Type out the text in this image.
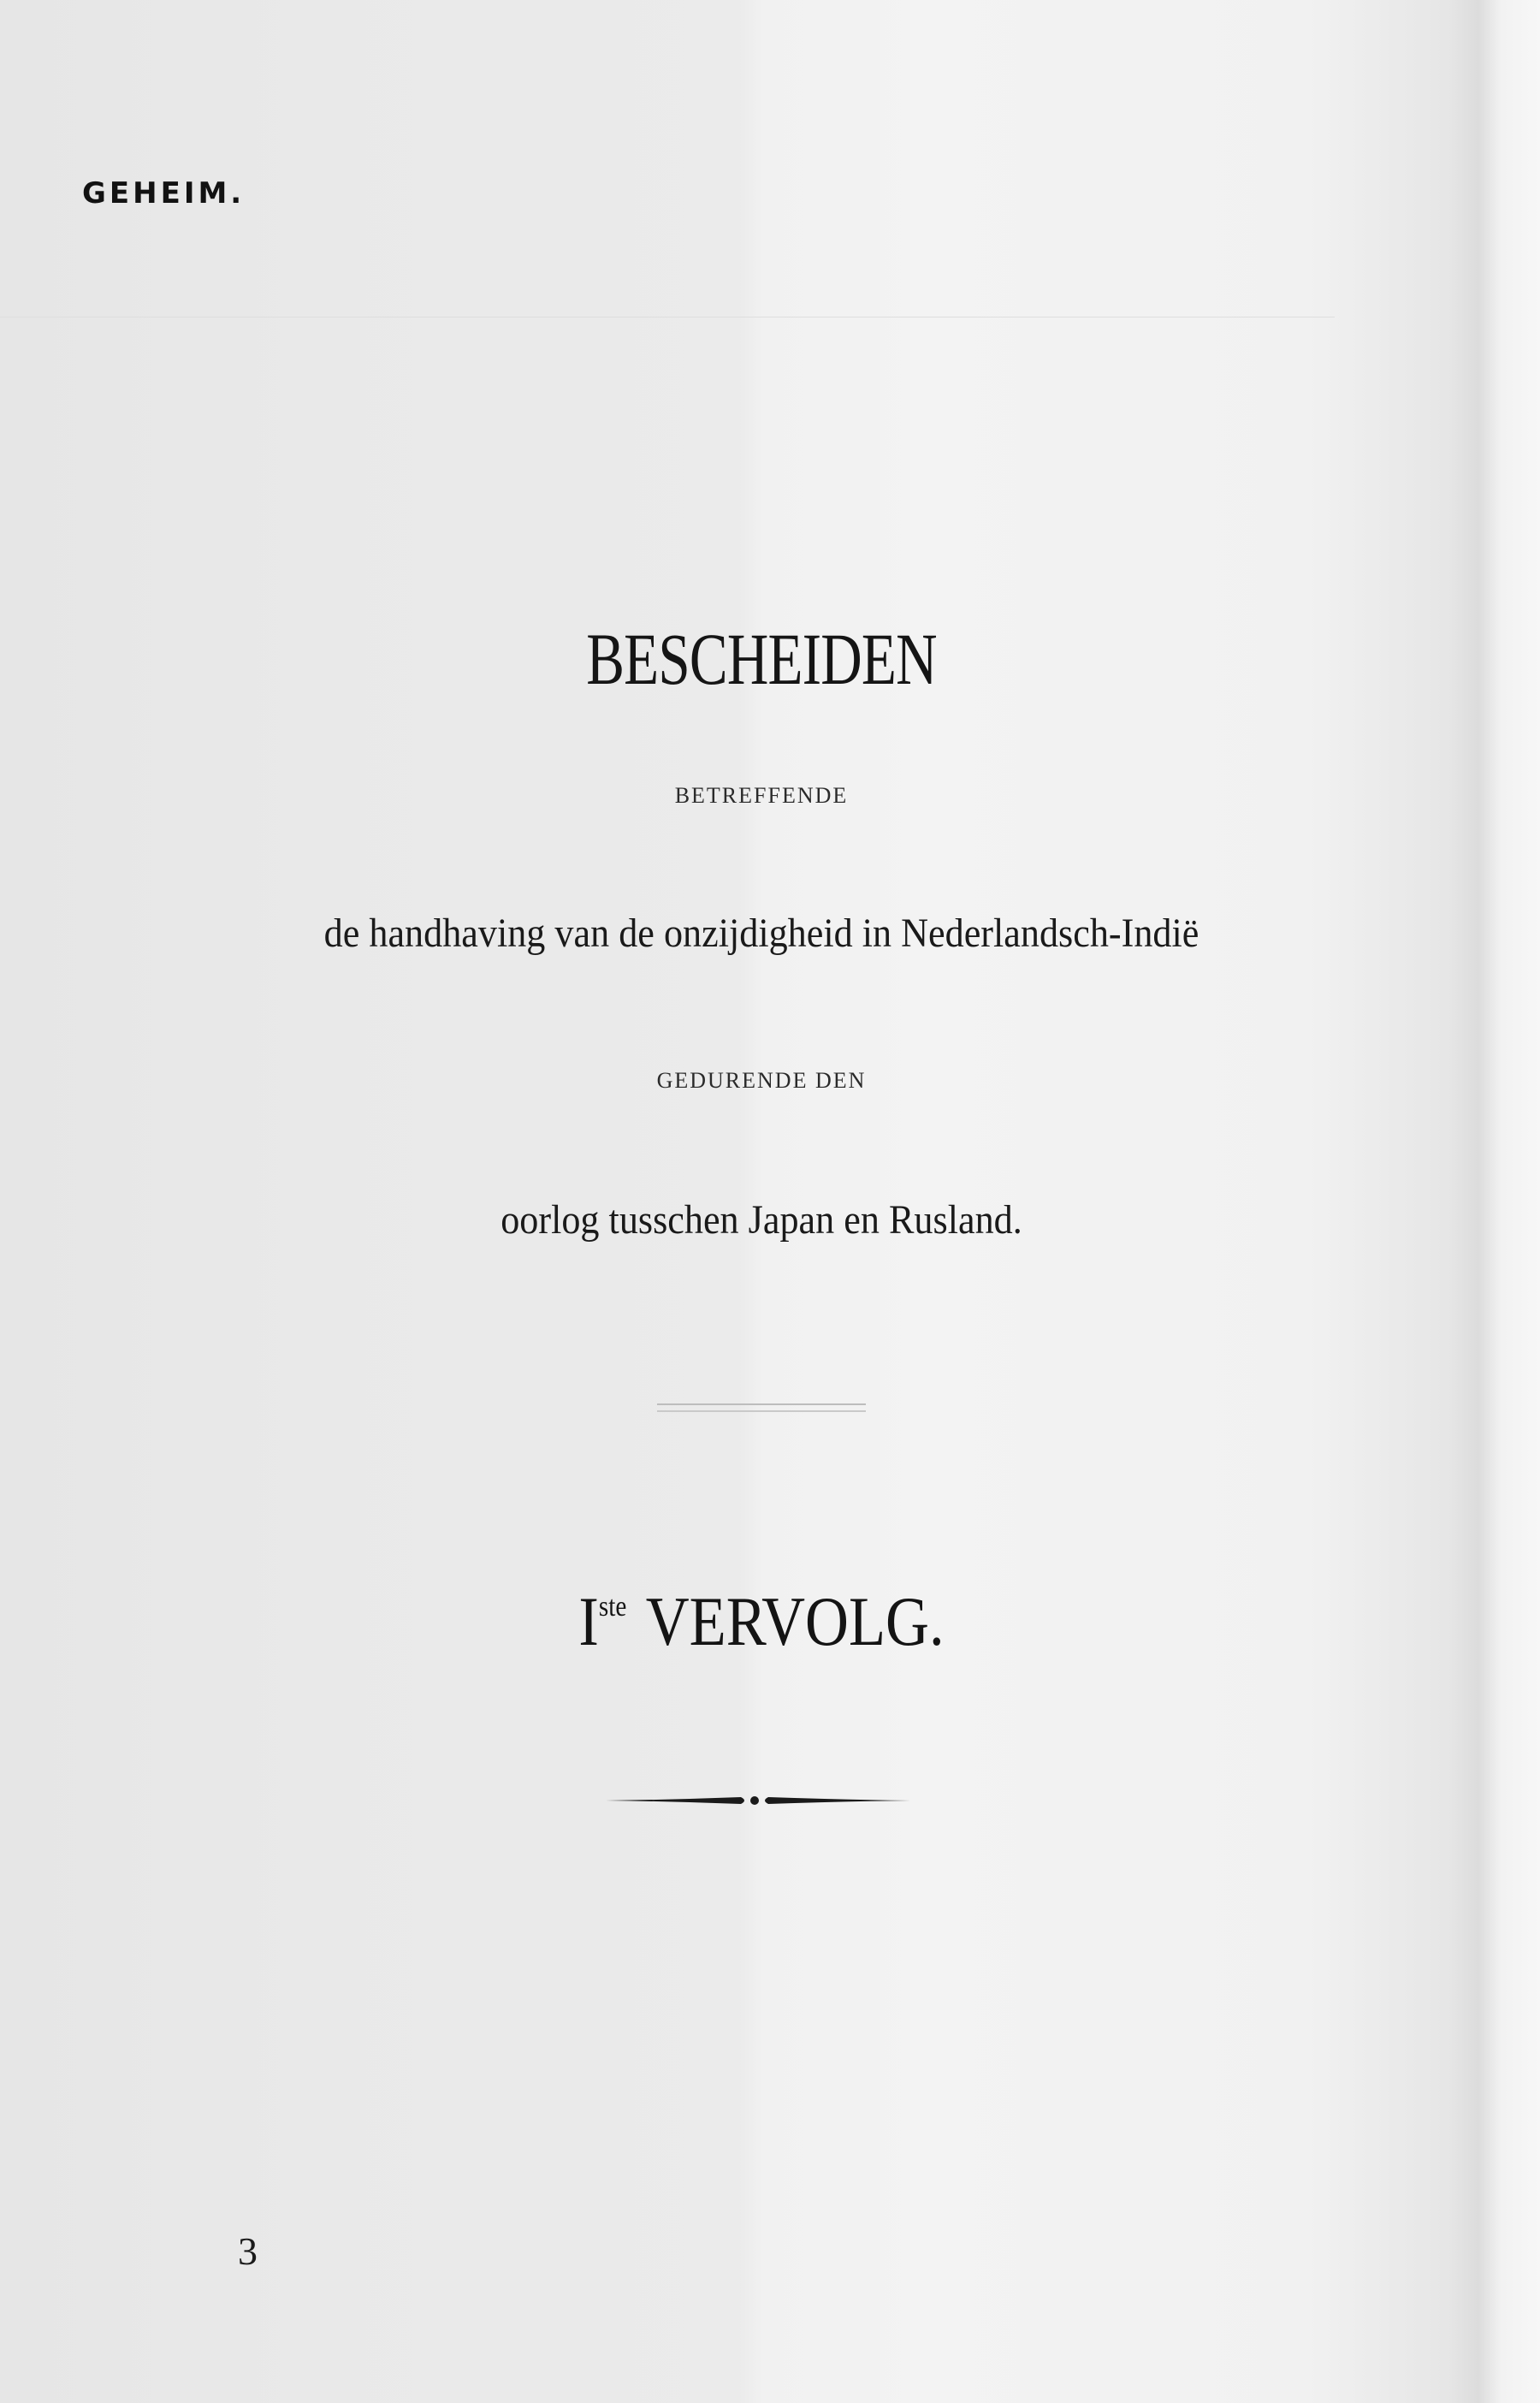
GEHEIM.
BESCHEIDEN
BETREFFENDE
de handhaving van de onzijdigheid in Nederlandsch-Indië
GEDURENDE DEN
oorlog tusschen Japan en Rusland.
Iste VERVOLG.
3
